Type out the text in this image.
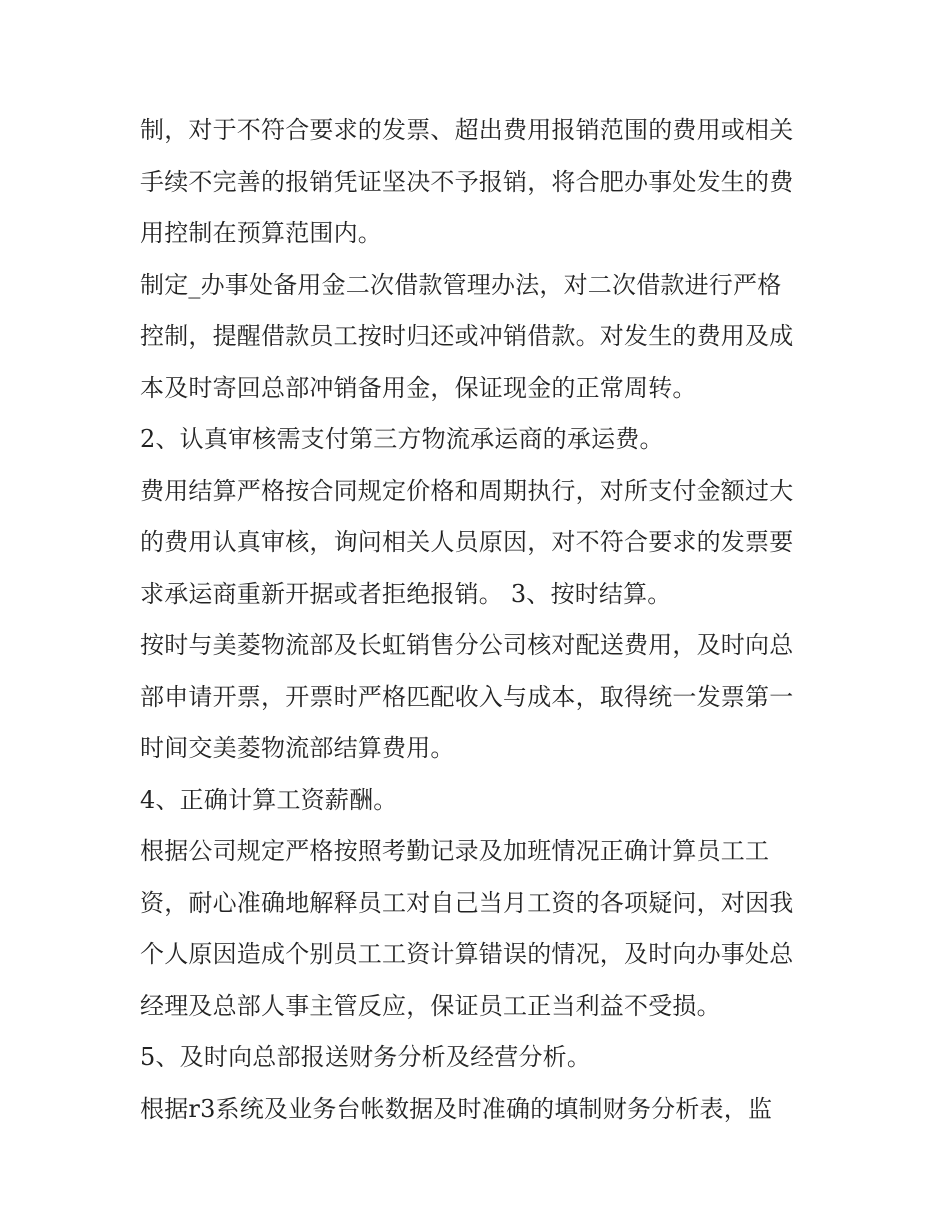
制，对于不符合要求的发票、超出费用报销范围的费用或相关
手续不完善的报销凭证坚决不予报销，将合肥办事处发生的费
用控制在预算范围内。
制定_办事处备用金二次借款管理办法，对二次借款进行严格
控制，提醒借款员工按时归还或冲销借款。对发生的费用及成
本及时寄回总部冲销备用金，保证现金的正常周转。
2、认真审核需支付第三方物流承运商的承运费。
费用结算严格按合同规定价格和周期执行，对所支付金额过大
的费用认真审核，询问相关人员原因，对不符合要求的发票要
求承运商重新开据或者拒绝报销。 3、按时结算。
按时与美菱物流部及长虹销售分公司核对配送费用，及时向总
部申请开票，开票时严格匹配收入与成本，取得统一发票第一
时间交美菱物流部结算费用。
4、正确计算工资薪酬。
根据公司规定严格按照考勤记录及加班情况正确计算员工工
资，耐心准确地解释员工对自己当月工资的各项疑问，对因我
个人原因造成个别员工工资计算错误的情况，及时向办事处总
经理及总部人事主管反应，保证员工正当利益不受损。
5、及时向总部报送财务分析及经营分析。
根据r3系统及业务台帐数据及时准确的填制财务分析表，监
